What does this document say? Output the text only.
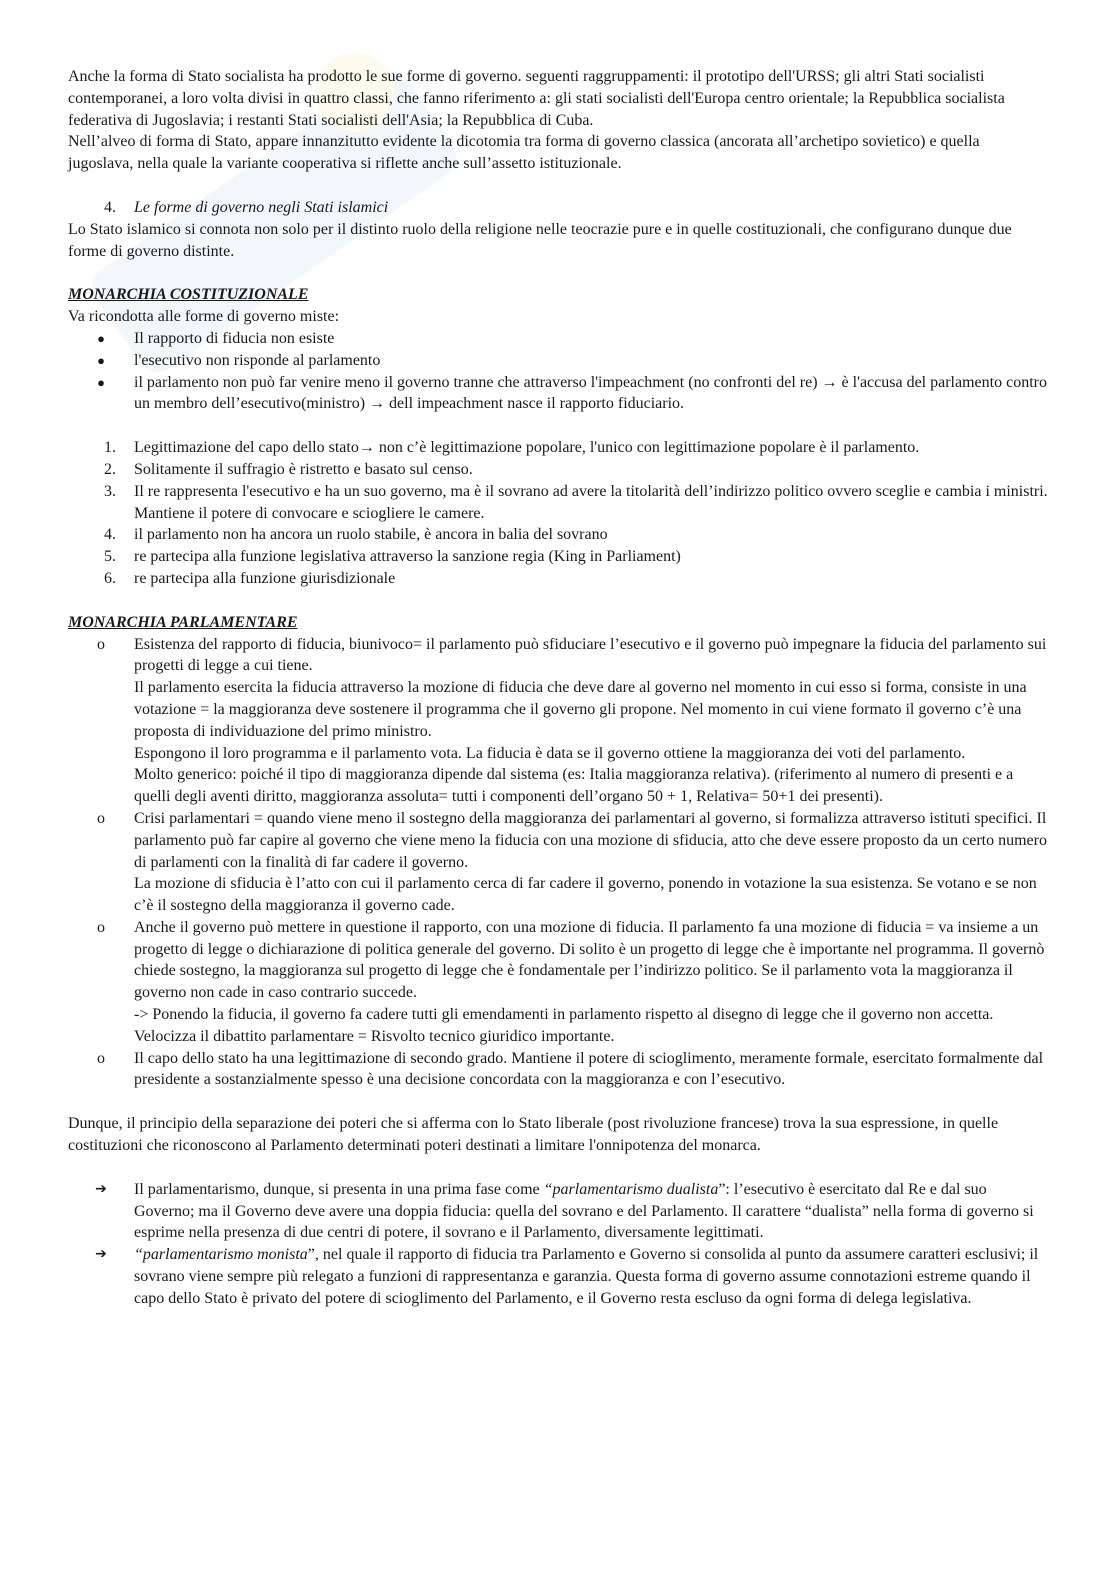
Anche la forma di Stato socialista ha prodotto le sue forme di governo. seguenti raggruppamenti: il prototipo dell'URSS; gli altri Stati socialisti contemporanei, a loro volta divisi in quattro classi, che fanno riferimento a: gli stati socialisti dell'Europa centro orientale; la Repubblica socialista federativa di Jugoslavia; i restanti Stati socialisti dell'Asia; la Repubblica di Cuba.

Nell’alveo di forma di Stato, appare innanzitutto evidente la dicotomia tra forma di governo classica (ancorata all’archetipo sovietico) e quella jugoslava, nella quale la variante cooperativa si riflette anche sull’assetto istituzionale.

4.	Le forme di governo negli Stati islamici

Lo Stato islamico si connota non solo per il distinto ruolo della religione nelle teocrazie pure e in quelle costituzionali, che configurano dunque due forme di governo distinte.

MONARCHIA COSTITUZIONALE

Va ricondotta alle forme di governo miste:

●	Il rapporto di fiducia non esiste
●	l'esecutivo non risponde al parlamento
●	il parlamento non può far venire meno il governo tranne che attraverso l'impeachment (no confronti del re) → è l'accusa del parlamento contro un membro dell’esecutivo(ministro) → dell impeachment nasce il rapporto fiduciario.
1.	Legittimazione del capo dello stato→ non c’è legittimazione popolare, l'unico con legittimazione popolare è il parlamento.
2.	Solitamente il suffragio è ristretto e basato sul censo.
3.	Il re rappresenta l'esecutivo e ha un suo governo, ma è il sovrano ad avere la titolarità dell’indirizzo politico ovvero sceglie e cambia i ministri. Mantiene il potere di convocare e sciogliere le camere.
4.	il parlamento non ha ancora un ruolo stabile, è ancora in balia del sovrano
5.	re partecipa alla funzione legislativa attraverso la sanzione regia (King in Parliament)
6.	re partecipa alla funzione giurisdizionale

MONARCHIA PARLAMENTARE

o	Esistenza del rapporto di fiducia, biunivoco= il parlamento può sfiduciare l’esecutivo e il governo può impegnare la fiducia del parlamento sui progetti di legge a cui tiene.

Il parlamento esercita la fiducia attraverso la mozione di fiducia che deve dare al governo nel momento in cui esso si forma, consiste in una votazione = la maggioranza deve sostenere il programma che il governo gli propone. Nel momento in cui viene formato il governo c’è una proposta di individuazione del primo ministro.

Espongono il loro programma e il parlamento vota. La fiducia è data se il governo ottiene la maggioranza dei voti del parlamento.

Molto generico: poiché il tipo di maggioranza dipende dal sistema (es: Italia maggioranza relativa). (riferimento al numero di presenti e a quelli degli aventi diritto, maggioranza assoluta= tutti i componenti dell’organo 50 + 1, Relativa= 50+1 dei presenti).

o	Crisi parlamentari = quando viene meno il sostegno della maggioranza dei parlamentari al governo, si formalizza attraverso istituti specifici. Il parlamento può far capire al governo che viene meno la fiducia con una mozione di sfiducia, atto che deve essere proposto da un certo numero di parlamenti con la finalità di far cadere il governo.

La mozione di sfiducia è l’atto con cui il parlamento cerca di far cadere il governo, ponendo in votazione la sua esistenza. Se votano e se non c’è il sostegno della maggioranza il governo cade.

o	Anche il governo può mettere in questione il rapporto, con una mozione di fiducia. Il parlamento fa una mozione di fiducia = va insieme a un progetto di legge o dichiarazione di politica generale del governo. Di solito è un progetto di legge che è importante nel programma. Il governò chiede sostegno, la maggioranza sul progetto di legge che è fondamentale per l’indirizzo politico. Se il parlamento vota la maggioranza il governo non cade in caso contrario succede.

-> Ponendo la fiducia, il governo fa cadere tutti gli emendamenti in parlamento rispetto al disegno di legge che il governo non accetta. Velocizza il dibattito parlamentare = Risvolto tecnico giuridico importante.

o	Il capo dello stato ha una legittimazione di secondo grado. Mantiene il potere di scioglimento, meramente formale, esercitato formalmente dal presidente a sostanzialmente spesso è una decisione concordata con la maggioranza e con l’esecutivo.

Dunque, il principio della separazione dei poteri che si afferma con lo Stato liberale (post rivoluzione francese) trova la sua espressione, in quelle costituzioni che riconoscono al Parlamento determinati poteri destinati a limitare l'onnipotenza del monarca.

➔	Il parlamentarismo, dunque, si presenta in una prima fase come “parlamentarismo dualista”: l’esecutivo è esercitato dal Re e dal suo Governo; ma il Governo deve avere una doppia fiducia: quella del sovrano e del Parlamento. Il carattere “dualista” nella forma di governo si esprime nella presenza di due centri di potere, il sovrano e il Parlamento, diversamente legittimati.

➔	“parlamentarismo monista”, nel quale il rapporto di fiducia tra Parlamento e Governo si consolida al punto da assumere caratteri esclusivi; il sovrano viene sempre più relegato a funzioni di rappresentanza e garanzia. Questa forma di governo assume connotazioni estreme quando il capo dello Stato è privato del potere di scioglimento del Parlamento, e il Governo resta escluso da ogni forma di delega legislativa.
